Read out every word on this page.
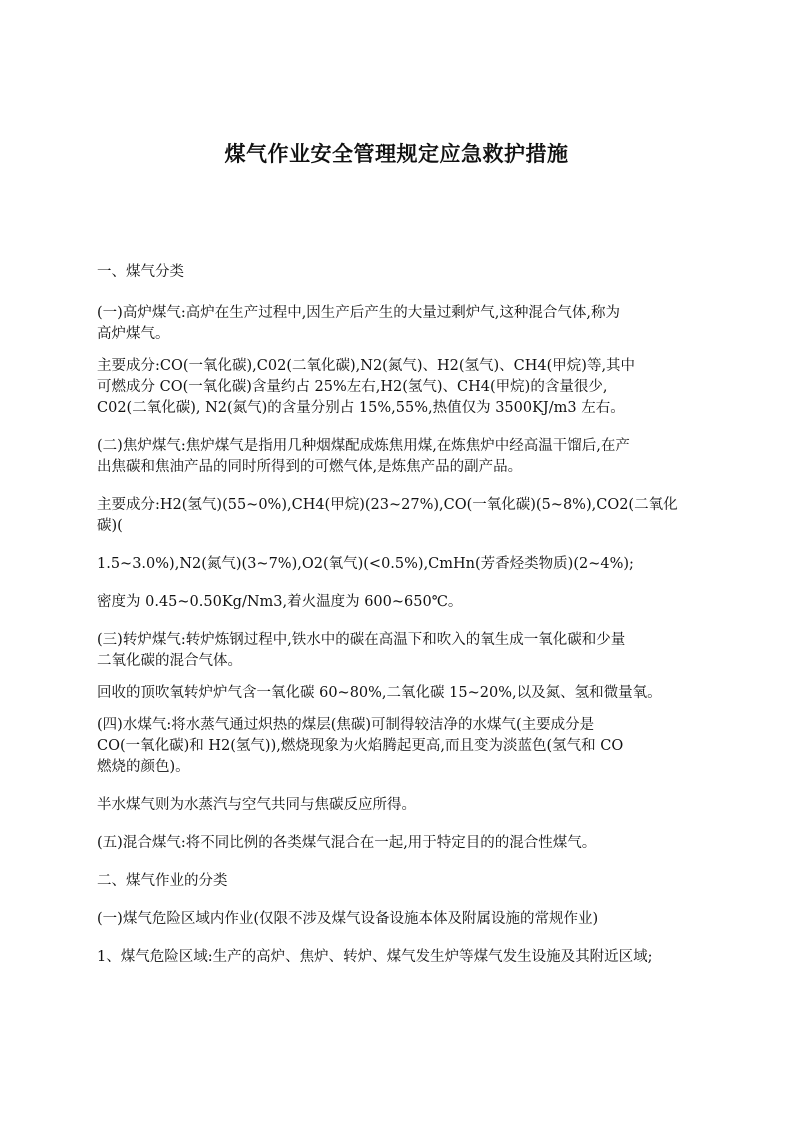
煤气作业安全管理规定应急救护措施

一、煤气分类

(一)高炉煤气:高炉在生产过程中,因生产后产生的大量过剩炉气,这种混合气体,称为
高炉煤气。

主要成分:CO(一氧化碳),C02(二氧化碳),N2(氮气)、H2(氢气)、CH4(甲烷)等,其中
可燃成分 CO(一氧化碳)含量约占 25%左右,H2(氢气)、CH4(甲烷)的含量很少,
C02(二氧化碳), N2(氮气)的含量分别占 15%,55%,热值仅为 3500KJ/m3 左右。

(二)焦炉煤气:焦炉煤气是指用几种烟煤配成炼焦用煤,在炼焦炉中经高温干馏后,在产
出焦碳和焦油产品的同时所得到的可燃气体,是炼焦产品的副产品。

主要成分:H2(氢气)(55~0%),CH4(甲烷)(23~27%),CO(一氧化碳)(5~8%),CO2(二氧化
碳)(

1.5~3.0%),N2(氮气)(3~7%),O2(氧气)(<0.5%),CmHn(芳香烃类物质)(2~4%);

密度为 0.45~0.50Kg/Nm3,着火温度为 600~650℃。

(三)转炉煤气:转炉炼钢过程中,铁水中的碳在高温下和吹入的氧生成一氧化碳和少量
二氧化碳的混合气体。

回收的顶吹氧转炉炉气含一氧化碳 60~80%,二氧化碳 15~20%,以及氮、氢和微量氧。

(四)水煤气:将水蒸气通过炽热的煤层(焦碳)可制得较洁净的水煤气(主要成分是
CO(一氧化碳)和 H2(氢气)),燃烧现象为火焰腾起更高,而且变为淡蓝色(氢气和 CO
燃烧的颜色)。

半水煤气则为水蒸汽与空气共同与焦碳反应所得。

(五)混合煤气:将不同比例的各类煤气混合在一起,用于特定目的的混合性煤气。

二、煤气作业的分类

(一)煤气危险区域内作业(仅限不涉及煤气设备设施本体及附属设施的常规作业)

1、煤气危险区域:生产的高炉、焦炉、转炉、煤气发生炉等煤气发生设施及其附近区域;
